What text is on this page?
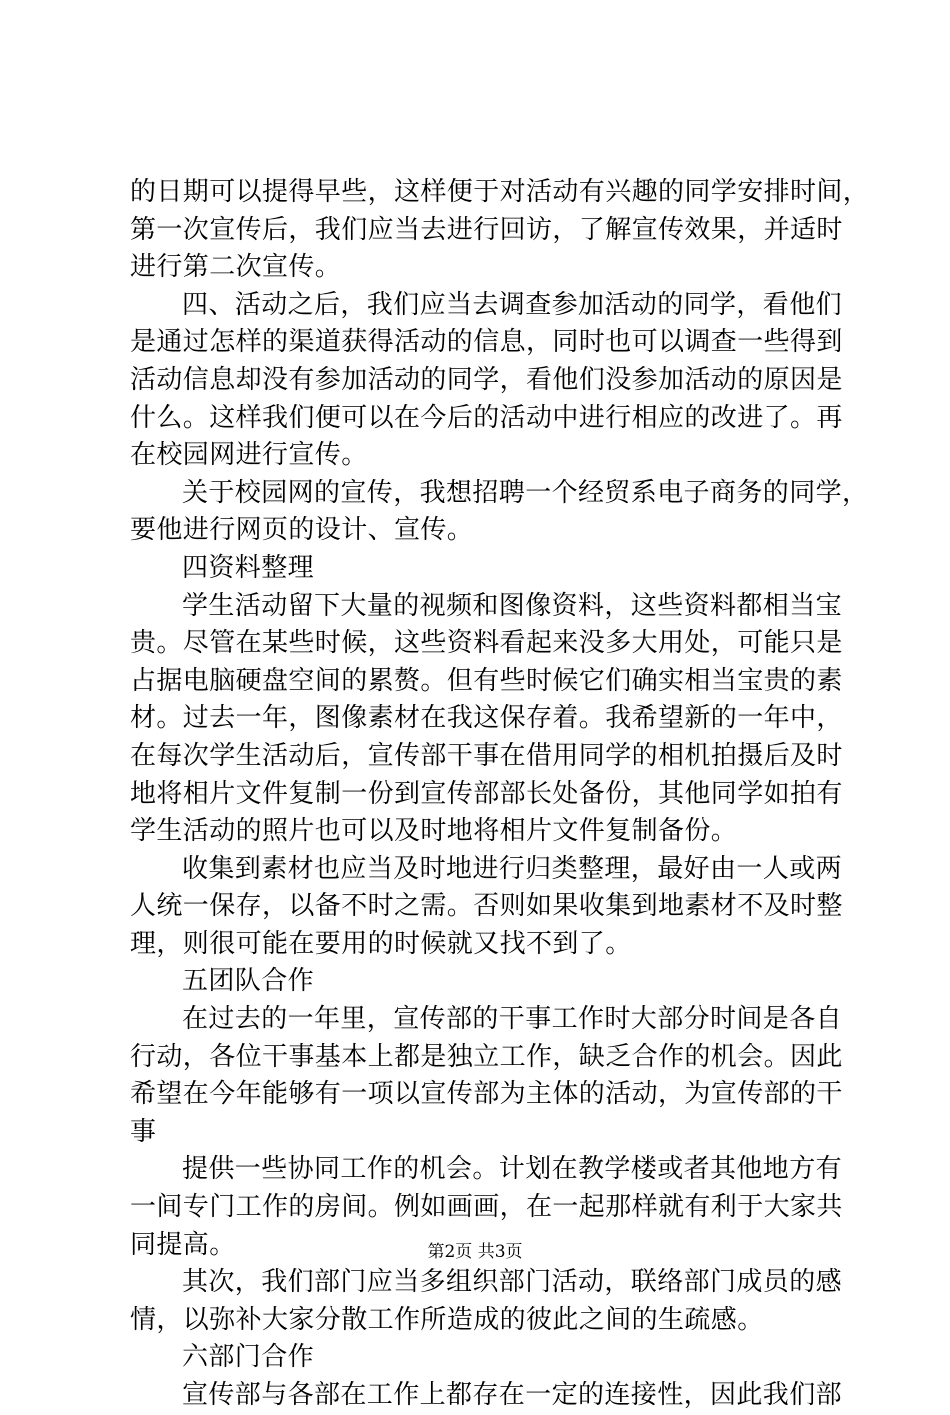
的日期可以提得早些，这样便于对活动有兴趣的同学安排时间，
第一次宣传后，我们应当去进行回访，了解宣传效果，并适时
进行第二次宣传。
四、活动之后，我们应当去调查参加活动的同学，看他们
是通过怎样的渠道获得活动的信息，同时也可以调查一些得到
活动信息却没有参加活动的同学，看他们没参加活动的原因是
什么。这样我们便可以在今后的活动中进行相应的改进了。再
在校园网进行宣传。
关于校园网的宣传，我想招聘一个经贸系电子商务的同学，
要他进行网页的设计、宣传。
四资料整理
学生活动留下大量的视频和图像资料，这些资料都相当宝
贵。尽管在某些时候，这些资料看起来没多大用处，可能只是
占据电脑硬盘空间的累赘。但有些时候它们确实相当宝贵的素
材。过去一年，图像素材在我这保存着。我希望新的一年中，
在每次学生活动后，宣传部干事在借用同学的相机拍摄后及时
地将相片文件复制一份到宣传部部长处备份，其他同学如拍有
学生活动的照片也可以及时地将相片文件复制备份。
收集到素材也应当及时地进行归类整理，最好由一人或两
人统一保存，以备不时之需。否则如果收集到地素材不及时整
理，则很可能在要用的时候就又找不到了。
五团队合作
在过去的一年里，宣传部的干事工作时大部分时间是各自
行动，各位干事基本上都是独立工作，缺乏合作的机会。因此
希望在今年能够有一项以宣传部为主体的活动，为宣传部的干
事
提供一些协同工作的机会。计划在教学楼或者其他地方有
一间专门工作的房间。例如画画，在一起那样就有利于大家共
同提高。
其次，我们部门应当多组织部门活动，联络部门成员的感
情，以弥补大家分散工作所造成的彼此之间的生疏感。
六部门合作
宣传部与各部在工作上都存在一定的连接性，因此我们部
第2页 共3页
